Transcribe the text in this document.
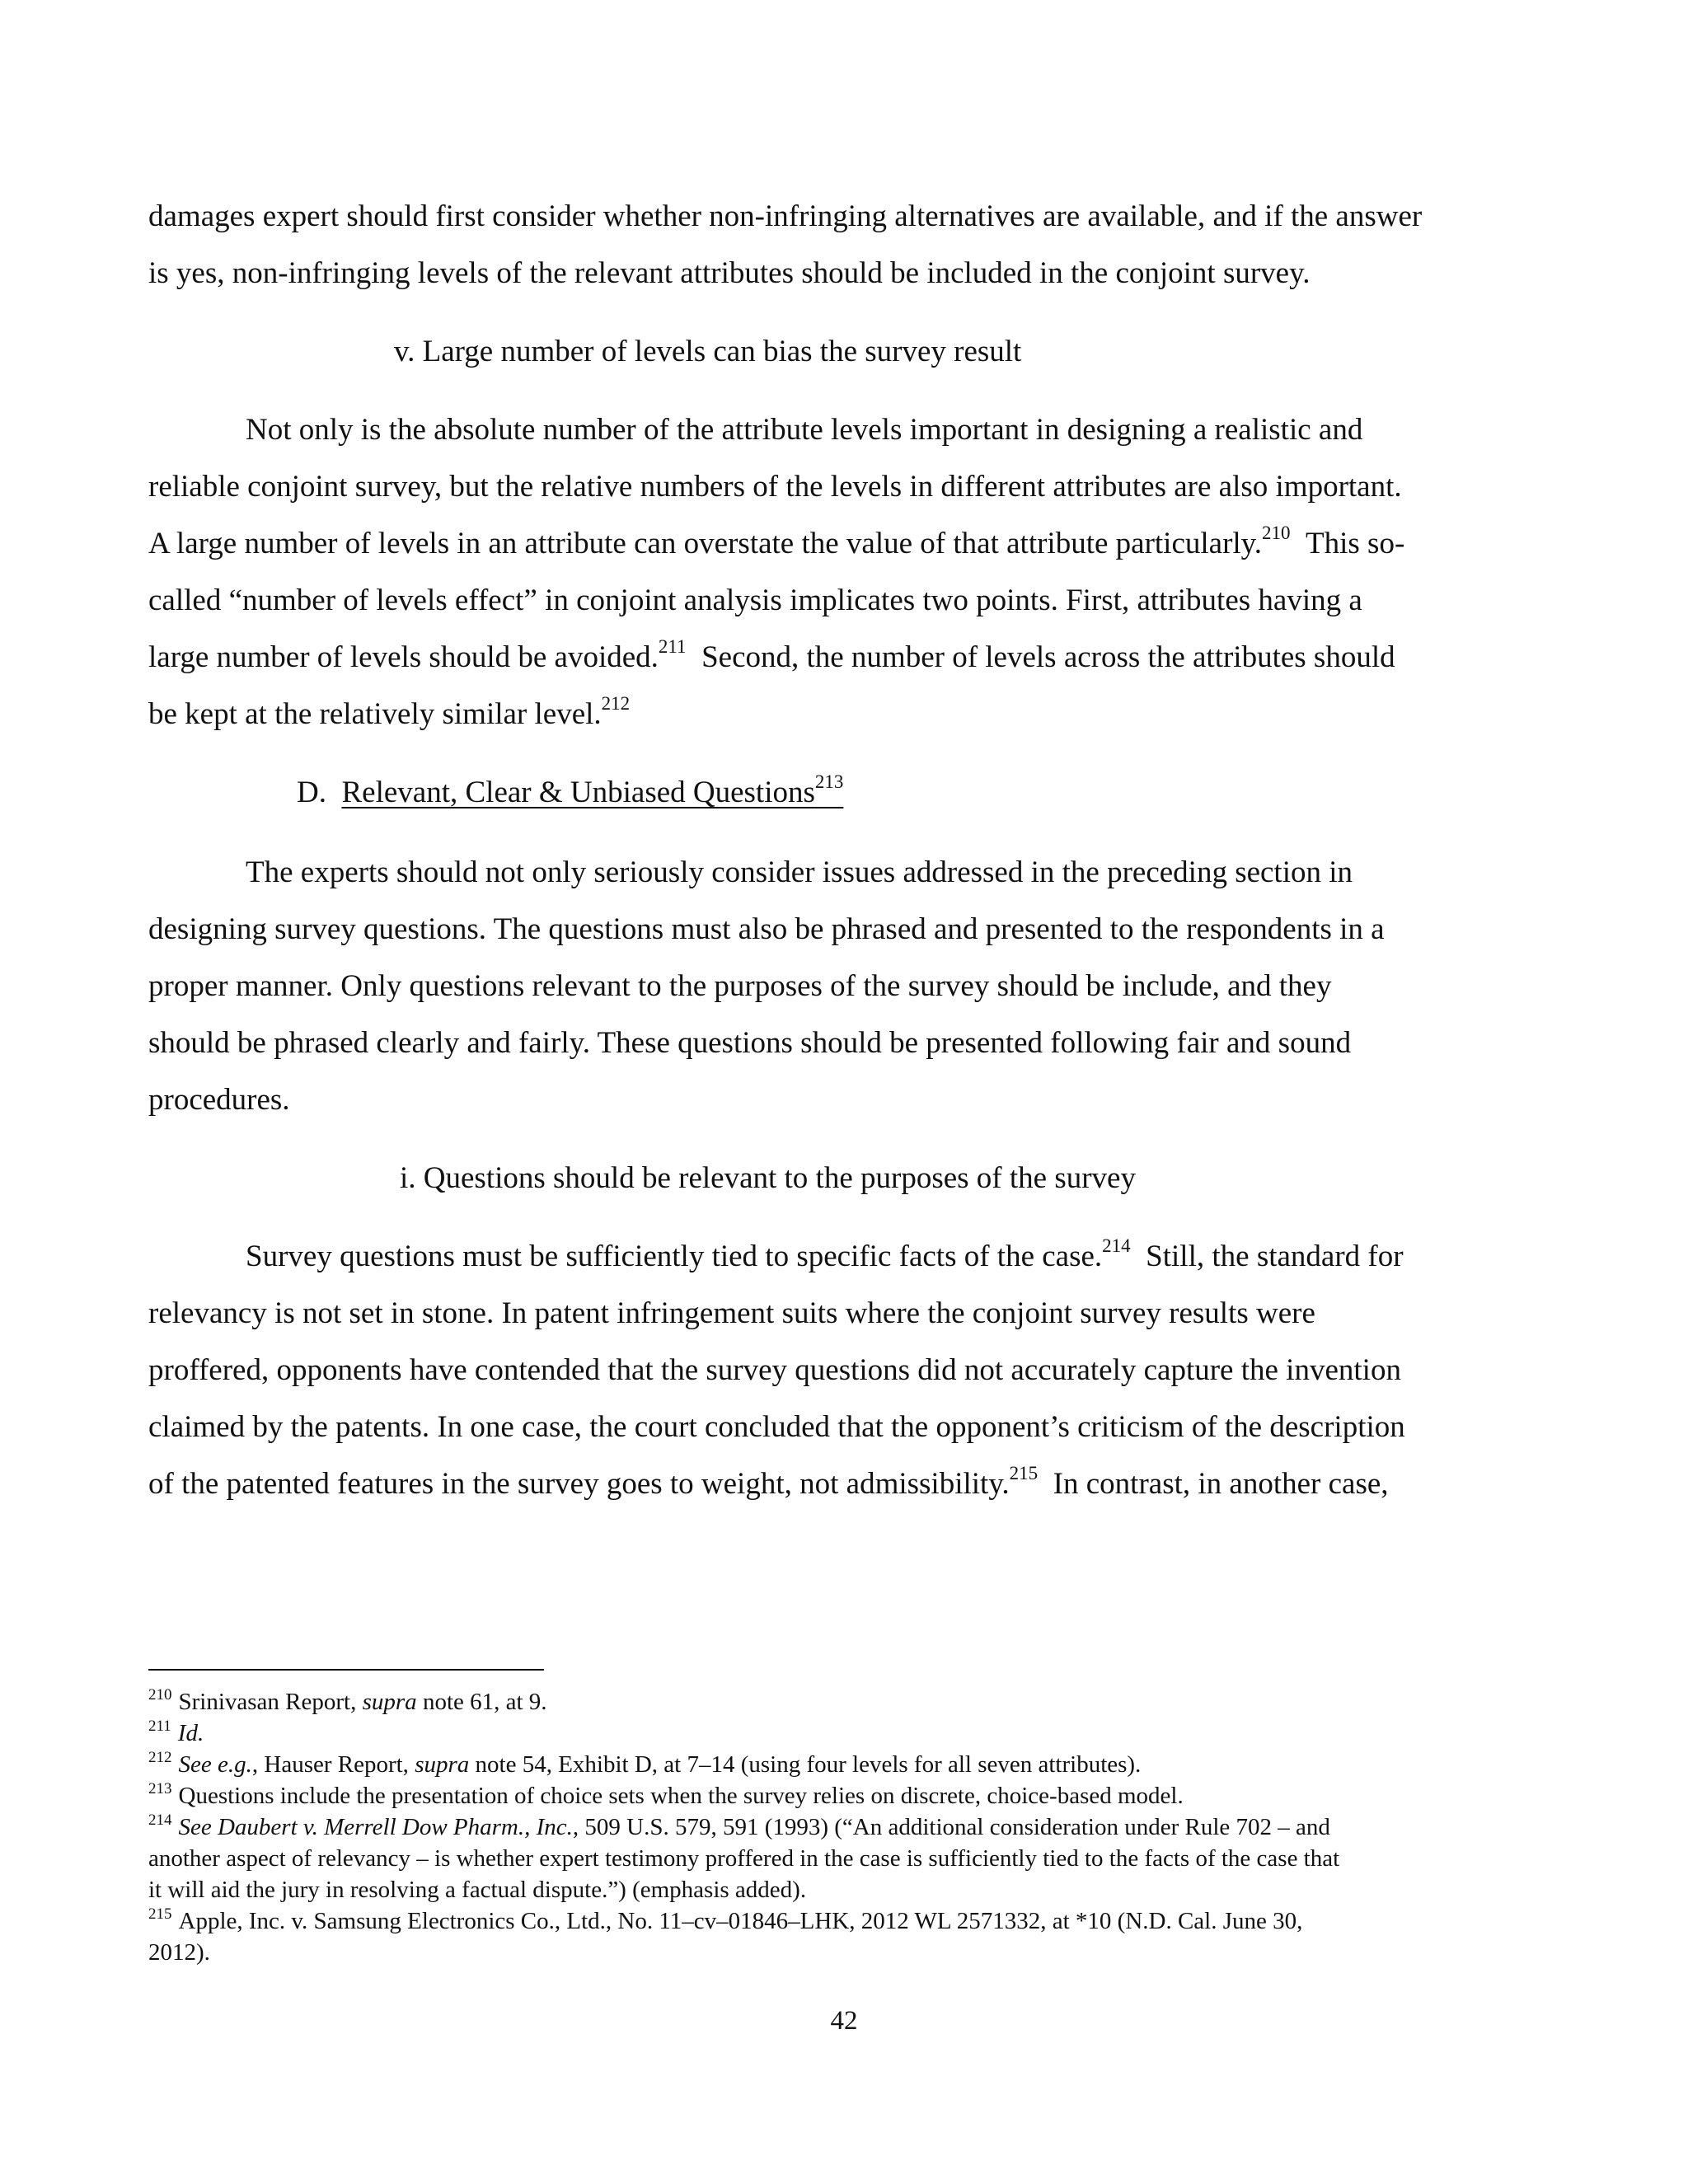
damages expert should first consider whether non-infringing alternatives are available, and if the answer
is yes, non-infringing levels of the relevant attributes should be included in the conjoint survey.
v. Large number of levels can bias the survey result
Not only is the absolute number of the attribute levels important in designing a realistic and
reliable conjoint survey, but the relative numbers of the levels in different attributes are also important.
A large number of levels in an attribute can overstate the value of that attribute particularly.$^{210}$ This so-
called “number of levels effect” in conjoint analysis implicates two points. First, attributes having a
large number of levels should be avoided.$^{211}$ Second, the number of levels across the attributes should
be kept at the relatively similar level.$^{212}$
D. Relevant, Clear & Unbiased Questions$^{213}$
The experts should not only seriously consider issues addressed in the preceding section in
designing survey questions. The questions must also be phrased and presented to the respondents in a
proper manner. Only questions relevant to the purposes of the survey should be include, and they
should be phrased clearly and fairly. These questions should be presented following fair and sound
procedures.
i. Questions should be relevant to the purposes of the survey
Survey questions must be sufficiently tied to specific facts of the case.$^{214}$ Still, the standard for
relevancy is not set in stone. In patent infringement suits where the conjoint survey results were
proffered, opponents have contended that the survey questions did not accurately capture the invention
claimed by the patents. In one case, the court concluded that the opponent’s criticism of the description
of the patented features in the survey goes to weight, not admissibility.$^{215}$ In contrast, in another case,
$^{210}$ Srinivasan Report, supra note 61, at 9.
$^{211}$ Id.
$^{212}$ See e.g., Hauser Report, supra note 54, Exhibit D, at 7–14 (using four levels for all seven attributes).
$^{213}$ Questions include the presentation of choice sets when the survey relies on discrete, choice-based model.
$^{214}$ See Daubert v. Merrell Dow Pharm., Inc., 509 U.S. 579, 591 (1993) (“An additional consideration under Rule 702 – and
another aspect of relevancy – is whether expert testimony proffered in the case is sufficiently tied to the facts of the case that
it will aid the jury in resolving a factual dispute.”) (emphasis added).
$^{215}$ Apple, Inc. v. Samsung Electronics Co., Ltd., No. 11–cv–01846–LHK, 2012 WL 2571332, at *10 (N.D. Cal. June 30,
2012).
42
